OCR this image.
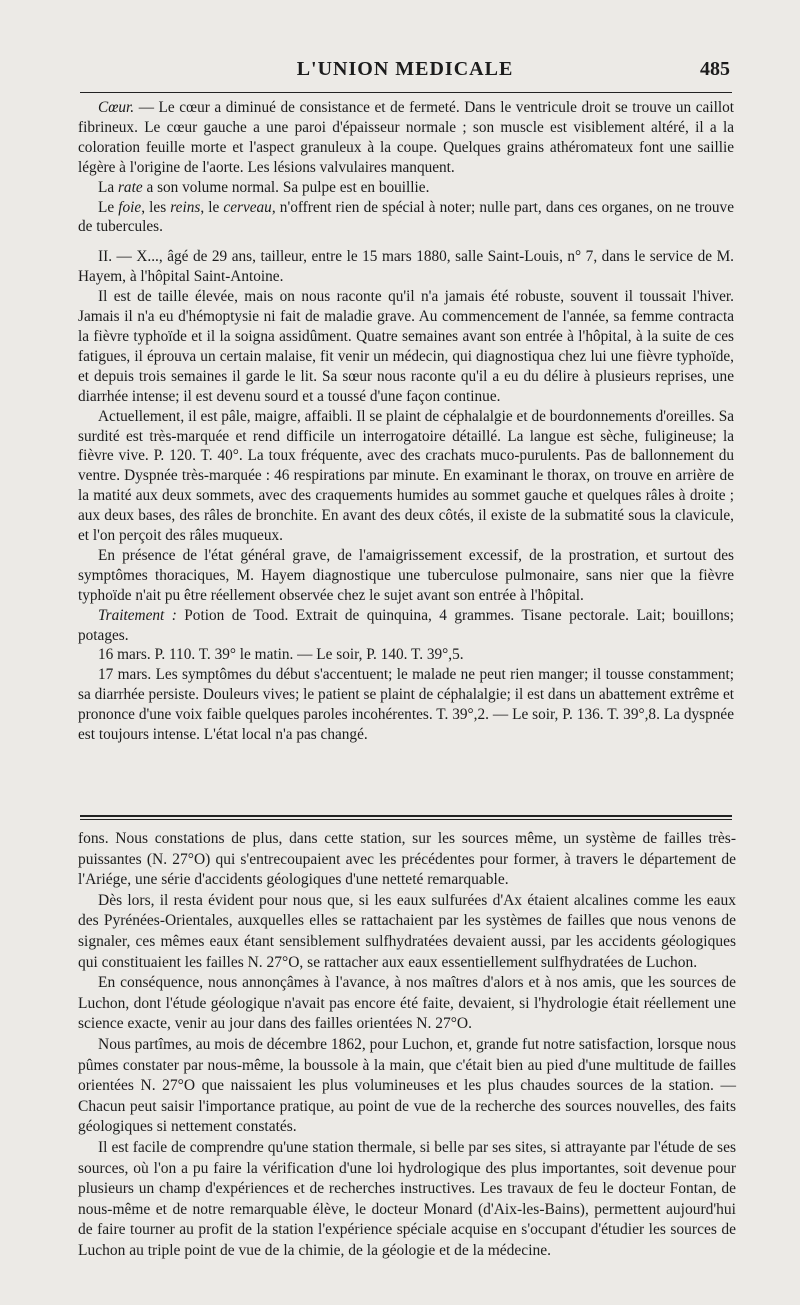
L'UNION MEDICALE	485

Cœur. — Le cœur a diminué de consistance et de fermeté. Dans le ventricule droit se trouve un caillot fibrineux. Le cœur gauche a une paroi d'épaisseur normale ; son muscle est visiblement altéré, il a la coloration feuille morte et l'aspect granuleux à la coupe. Quelques grains athéromateux font une saillie légère à l'origine de l'aorte. Les lésions valvulaires manquent.

La rate a son volume normal. Sa pulpe est en bouillie.

Le foie, les reins, le cerveau, n'offrent rien de spécial à noter; nulle part, dans ces organes, on ne trouve de tubercules.

II. — X..., âgé de 29 ans, tailleur, entre le 15 mars 1880, salle Saint-Louis, n° 7, dans le service de M. Hayem, à l'hôpital Saint-Antoine.

Il est de taille élevée, mais on nous raconte qu'il n'a jamais été robuste, souvent il toussait l'hiver. Jamais il n'a eu d'hémoptysie ni fait de maladie grave. Au commencement de l'année, sa femme contracta la fièvre typhoïde et il la soigna assidûment. Quatre semaines avant son entrée à l'hôpital, à la suite de ces fatigues, il éprouva un certain malaise, fit venir un médecin, qui diagnostiqua chez lui une fièvre typhoïde, et depuis trois semaines il garde le lit. Sa sœur nous raconte qu'il a eu du délire à plusieurs reprises, une diarrhée intense; il est devenu sourd et a toussé d'une façon continue.

Actuellement, il est pâle, maigre, affaibli. Il se plaint de céphalalgie et de bourdonnements d'oreilles. Sa surdité est très-marquée et rend difficile un interrogatoire détaillé. La langue est sèche, fuligineuse; la fièvre vive. P. 120. T. 40°. La toux fréquente, avec des crachats muco-purulents. Pas de ballonnement du ventre. Dyspnée très-marquée : 46 respirations par minute. En examinant le thorax, on trouve en arrière de la matité aux deux sommets, avec des craquements humides au sommet gauche et quelques râles à droite ; aux deux bases, des râles de bronchite. En avant des deux côtés, il existe de la submatité sous la clavicule, et l'on perçoit des râles muqueux.

En présence de l'état général grave, de l'amaigrissement excessif, de la prostration, et surtout des symptômes thoraciques, M. Hayem diagnostique une tuberculose pulmonaire, sans nier que la fièvre typhoïde n'ait pu être réellement observée chez le sujet avant son entrée à l'hôpital.

Traitement : Potion de Tood. Extrait de quinquina, 4 grammes. Tisane pectorale. Lait; bouillons; potages.

16 mars. P. 110. T. 39° le matin. — Le soir, P. 140. T. 39°,5.

17 mars. Les symptômes du début s'accentuent; le malade ne peut rien manger; il tousse constamment; sa diarrhée persiste. Douleurs vives; le patient se plaint de céphalalgie; il est dans un abattement extrême et prononce d'une voix faible quelques paroles incohérentes. T. 39°,2. — Le soir, P. 136. T. 39°,8. La dyspnée est toujours intense. L'état local n'a pas changé.

fons. Nous constations de plus, dans cette station, sur les sources même, un système de failles très-puissantes (N. 27°O) qui s'entrecoupaient avec les précédentes pour former, à travers le département de l'Ariége, une série d'accidents géologiques d'une netteté remarquable.

Dès lors, il resta évident pour nous que, si les eaux sulfurées d'Ax étaient alcalines comme les eaux des Pyrénées-Orientales, auxquelles elles se rattachaient par les systèmes de failles que nous venons de signaler, ces mêmes eaux étant sensiblement sulfhydratées devaient aussi, par les accidents géologiques qui constituaient les failles N. 27°O, se rattacher aux eaux essentiellement sulfhydratées de Luchon.

En conséquence, nous annonçâmes à l'avance, à nos maîtres d'alors et à nos amis, que les sources de Luchon, dont l'étude géologique n'avait pas encore été faite, devaient, si l'hydrologie était réellement une science exacte, venir au jour dans des failles orientées N. 27°O.

Nous partîmes, au mois de décembre 1862, pour Luchon, et, grande fut notre satisfaction, lorsque nous pûmes constater par nous-même, la boussole à la main, que c'était bien au pied d'une multitude de failles orientées N. 27°O que naissaient les plus volumineuses et les plus chaudes sources de la station. — Chacun peut saisir l'importance pratique, au point de vue de la recherche des sources nouvelles, des faits géologiques si nettement constatés.

Il est facile de comprendre qu'une station thermale, si belle par ses sites, si attrayante par l'étude de ses sources, où l'on a pu faire la vérification d'une loi hydrologique des plus importantes, soit devenue pour plusieurs un champ d'expériences et de recherches instructives. Les travaux de feu le docteur Fontan, de nous-même et de notre remarquable élève, le docteur Monard (d'Aix-les-Bains), permettent aujourd'hui de faire tourner au profit de la station l'expérience spéciale acquise en s'occupant d'étudier les sources de Luchon au triple point de vue de la chimie, de la géologie et de la médecine.
